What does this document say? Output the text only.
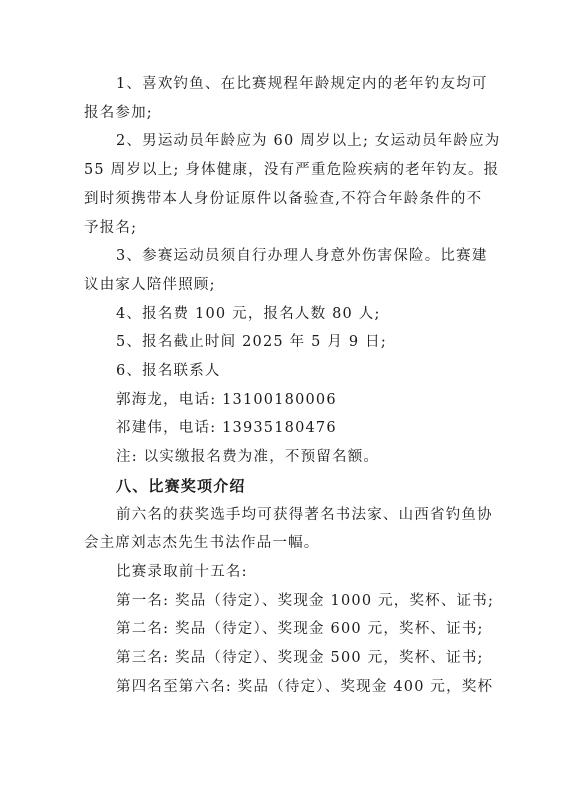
1、喜欢钓鱼、在比赛规程年龄规定内的老年钓友均可

报名参加;

2、男运动员年龄应为 60 周岁以上; 女运动员年龄应为

55 周岁以上; 身体健康，没有严重危险疾病的老年钓友。报

到时须携带本人身份证原件以备验查,不符合年龄条件的不

予报名;

3、参赛运动员须自行办理人身意外伤害保险。比赛建

议由家人陪伴照顾;

4、报名费 100 元，报名人数 80 人;

5、报名截止时间 2025 年 5 月 9 日;

6、报名联系人

郭海龙，电话: 13100180006

祁建伟，电话: 13935180476

注: 以实缴报名费为准，不预留名额。

八、比赛奖项介绍

前六名的获奖选手均可获得著名书法家、山西省钓鱼协

会主席刘志杰先生书法作品一幅。

比赛录取前十五名:

第一名: 奖品（待定）、奖现金 1000 元，奖杯、证书;

第二名: 奖品（待定）、奖现金 600 元，奖杯、证书;

第三名: 奖品（待定）、奖现金 500 元，奖杯、证书;

第四名至第六名: 奖品（待定）、奖现金 400 元，奖杯
